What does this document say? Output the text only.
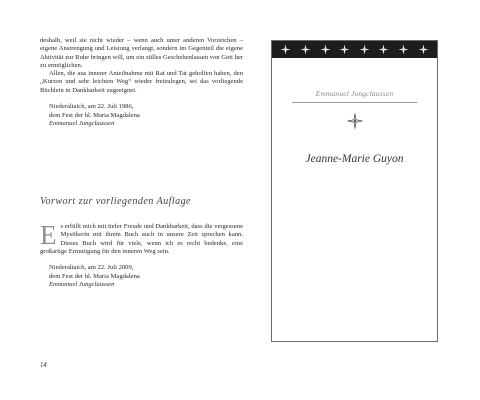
deshalb, weil sie nicht wieder – wenn auch unter anderen Vorzeichen – eigene Anstrengung und Leistung verlangt, sondern im Gegenteil die eigene Aktivität zur Ruhe bringen will, um ein stilles Geschehenlassen von Gott her zu ermöglichen.

Allen, die aus innerer Anteilnahme mit Rat und Tat geholfen haben, den „Kurzen und sehr leichten Weg“ wieder freizulegen, sei das vorliegende Büchlein in Dankbarkeit zugeeignet.

Niederaltaich, am 22. Juli 1986,
dem Fest der hl. Maria Magdalena
Emmanuel Jungclaussen
Vorwort zur vorliegenden Auflage

Es erfüllt mich mit tiefer Freude und Dankbarkeit, dass die vergessene Mystikerin mit ihrem Buch auch in unsere Zeit sprechen kann. Dieses Buch wird für viele, wenn ich es recht bedenke, eine großartige Ermutigung für den inneren Weg sein.

Niederaltaich, am 22. Juli 2009,
dem Fest der hl. Maria Magdalena
Emmanuel Jungclaussen
14
Emmanuel Jungclaussen
Jeanne-Marie Guyon
